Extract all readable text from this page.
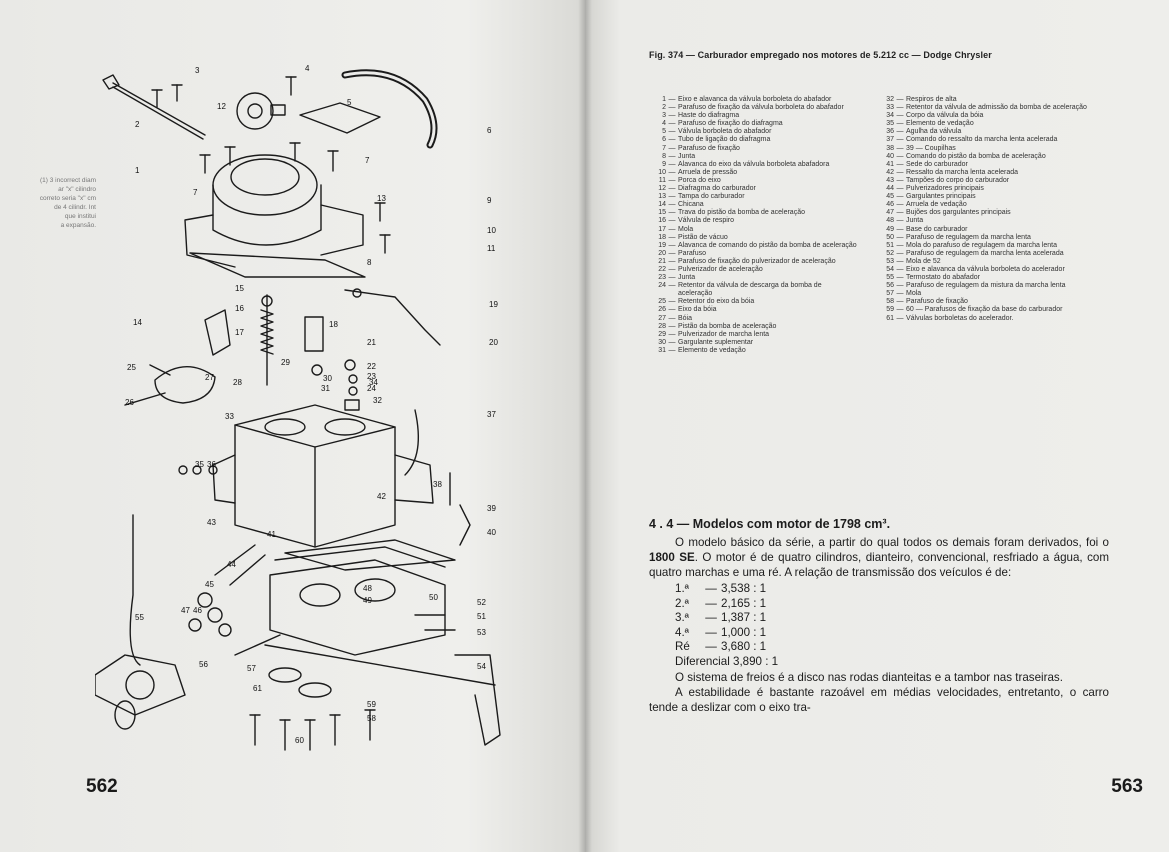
(1) 3 incorrect diam
ar "x" cilindro
correto seria "x" cm
de 4 cilindr. Int
que institui
a expansão.
1
2
3	4
5
6
7
7
8
9
10
11
12
13
14
15
16
17
18
19
20
21
22
23
24
25
26
27
28
29
30
31
32
33
34
35 36
37
38
39
40
41
42
43
44
45
46
47
48
49	50
51
52
53
54
55
56	57
58
59
60
61
562
Fig. 374 — Carburador empregado nos motores de 5.212 cc — Dodge Chrysler
1 — Eixo e alavanca da válvula borboleta do abafador
2 — Parafuso de fixação da válvula borboleta do abafador
3 — Haste do diafragma
4 — Parafuso de fixação do diafragma
5 — Válvula borboleta do abafador
6 — Tubo de ligação do diafragma
7 — Parafuso de fixação
8 — Junta
9 — Alavanca do eixo da válvula borboleta abafadora
10 — Arruela de pressão
11 — Porca do eixo
12 — Diafragma do carburador
13 — Tampa do carburador
14 — Chicana
15 — Trava do pistão da bomba de aceleração
16 — Válvula de respiro
17 — Mola
18 — Pistão de vácuo
19 — Alavanca de comando do pistão da bomba de aceleração
20 — Parafuso
21 — Parafuso de fixação do pulverizador de aceleração
22 — Pulverizador de aceleração
23 — Junta
24 — Retentor da válvula de descarga da bomba de aceleração
25 — Retentor do eixo da bóia
26 — Eixo da bóia
27 — Bóia
28 — Pistão da bomba de aceleração
29 — Pulverizador de marcha lenta
30 — Gargulante suplementar
31 — Elemento de vedação
32 — Respiros de alta
33 — Retentor da válvula de admissão da bomba de aceleração
34 — Corpo da válvula da bóia
35 — Elemento de vedação
36 — Agulha da válvula
37 — Comando do ressalto da marcha lenta acelerada
38 — 39 — Coupilhas
40 — Comando do pistão da bomba de aceleração
41 — Sede do carburador
42 — Ressalto da marcha lenta acelerada
43 — Tampões do corpo do carburador
44 — Pulverizadores principais
45 — Gargulantes principais
46 — Arruela de vedação
47 — Bujões dos gargulantes principais
48 — Junta
49 — Base do carburador
50 — Parafuso de regulagem da marcha lenta
51 — Mola do parafuso de regulagem da marcha lenta
52 — Parafuso de regulagem da marcha lenta acelerada
53 — Mola de 52
54 — Eixo e alavanca da válvula borboleta do acelerador
55 — Termostato do abafador
56 — Parafuso de regulagem da mistura da marcha lenta
57 — Mola
58 — Parafuso de fixação
59 — 60 — Parafusos de fixação da base do carburador
61 — Válvulas borboletas do acelerador.
4 . 4 — Modelos com motor de 1798 cm³.

O modelo básico da série, a partir do qual todos os demais foram derivados, foi o 1800 SE. O motor é de quatro cilindros, dianteiro, convencional, resfriado a água, com quatro marchas e uma ré. A relação de transmissão dos veículos é de:

1.ª	— 3,538 : 1
2.ª	— 2,165 : 1
3.ª	— 1,387 : 1
4.ª	— 1,000 : 1
Ré	— 3,680 : 1
Diferencial 3,890 : 1

O sistema de freios é a disco nas rodas dianteitas e a tambor nas traseiras.

A estabilidade é bastante razoável em médias velocidades, entretanto, o carro tende a deslizar com o eixo tra-

563
